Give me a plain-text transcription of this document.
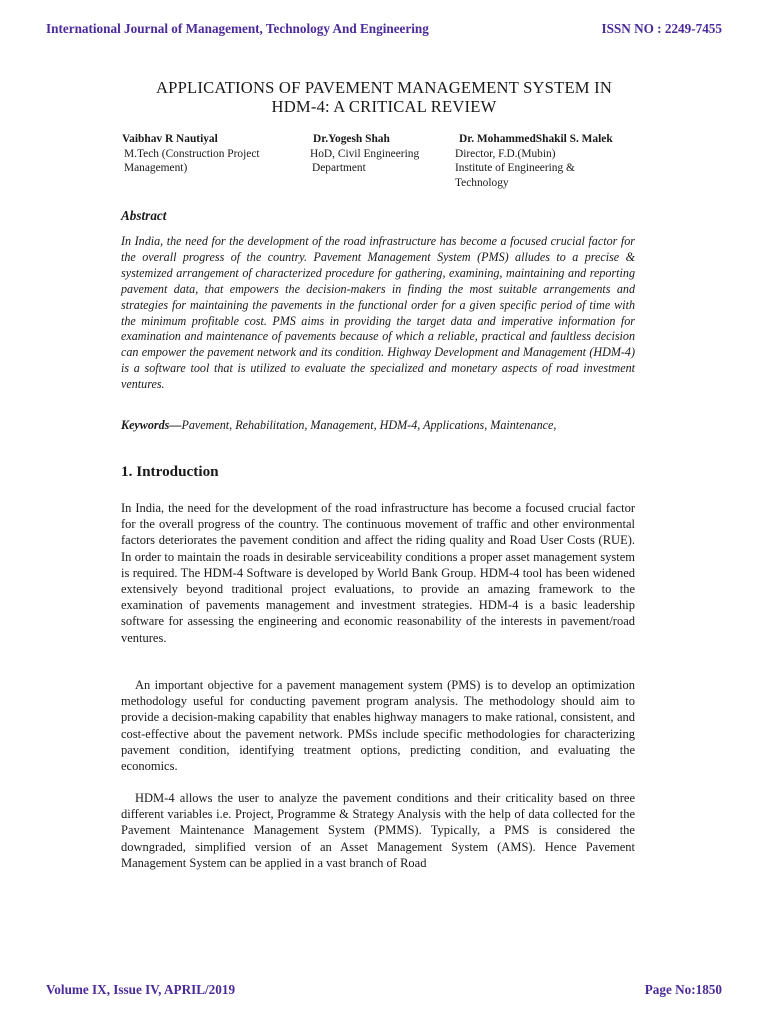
International Journal of Management, Technology And Engineering	ISSN NO : 2249-7455
APPLICATIONS OF PAVEMENT MANAGEMENT SYSTEM IN
HDM-4: A CRITICAL REVIEW
Vaibhav R Nautiyal
M.Tech (Construction Project
Management)
Dr.Yogesh Shah
HoD, Civil Engineering
Department
Dr. MohammedShakil S. Malek
Director, F.D.(Mubin)
Institute of Engineering &
Technology
Abstract
In India, the need for the development of the road infrastructure has become a focused crucial factor for the overall progress of the country. Pavement Management System (PMS) alludes to a precise & systemized arrangement of characterized procedure for gathering, examining, maintaining and reporting pavement data, that empowers the decision-makers in finding the most suitable arrangements and strategies for maintaining the pavements in the functional order for a given specific period of time with the minimum profitable cost. PMS aims in providing the target data and imperative information for examination and maintenance of pavements because of which a reliable, practical and faultless decision can empower the pavement network and its condition. Highway Development and Management (HDM-4) is a software tool that is utilized to evaluate the specialized and monetary aspects of road investment ventures.
Keywords—Pavement, Rehabilitation, Management, HDM-4, Applications, Maintenance,
1. Introduction
In India, the need for the development of the road infrastructure has become a focused crucial factor for the overall progress of the country. The continuous movement of traffic and other environmental factors deteriorates the pavement condition and affect the riding quality and Road User Costs (RUE). In order to maintain the roads in desirable serviceability conditions a proper asset management system is required. The HDM-4 Software is developed by World Bank Group. HDM-4 tool has been widened extensively beyond traditional project evaluations, to provide an amazing framework to the examination of pavements management and investment strategies. HDM-4 is a basic leadership software for assessing the engineering and economic reasonability of the interests in pavement/road ventures.
An important objective for a pavement management system (PMS) is to develop an optimization methodology useful for conducting pavement program analysis. The methodology should aim to provide a decision-making capability that enables highway managers to make rational, consistent, and cost-effective about the pavement network. PMSs include specific methodologies for characterizing pavement condition, identifying treatment options, predicting condition, and evaluating the economics.
HDM-4 allows the user to analyze the pavement conditions and their criticality based on three different variables i.e. Project, Programme & Strategy Analysis with the help of data collected for the Pavement Maintenance Management System (PMMS). Typically, a PMS is considered the downgraded, simplified version of an Asset Management System (AMS). Hence Pavement Management System can be applied in a vast branch of Road
Volume IX, Issue IV, APRIL/2019	Page No:1850
